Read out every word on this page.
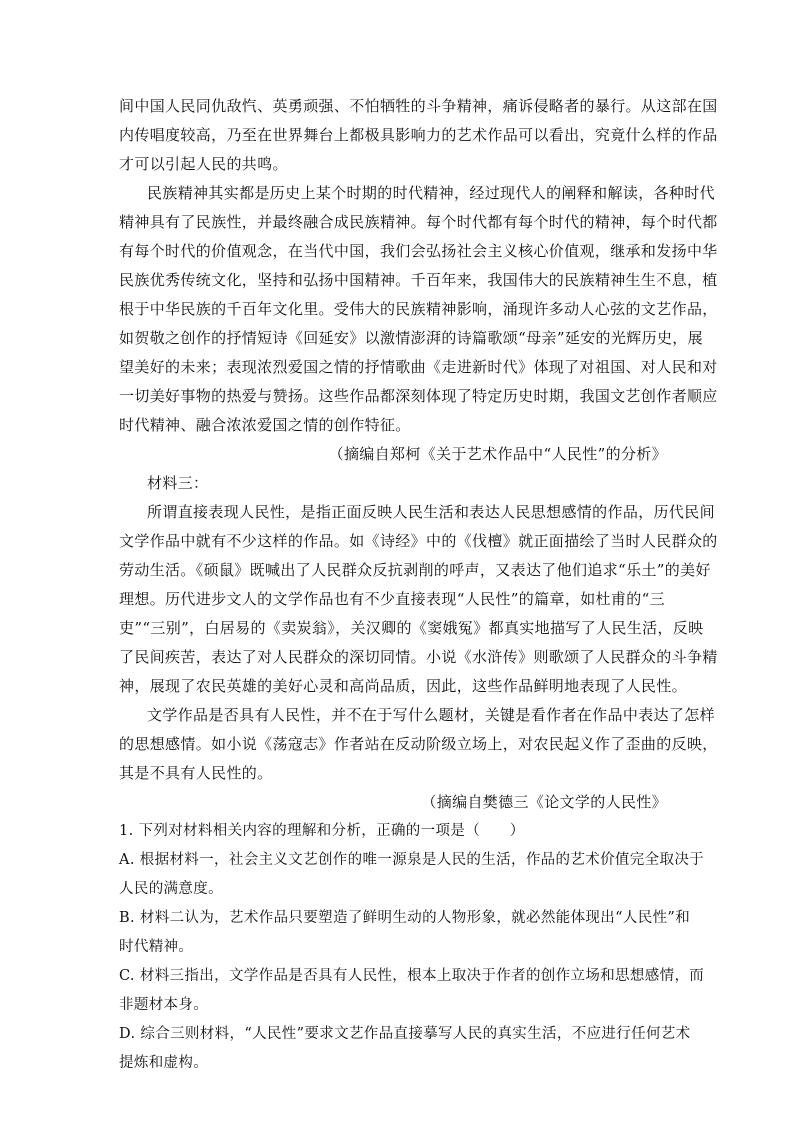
间中国人民同仇敌忾、英勇顽强、不怕牺牲的斗争精神，痛诉侵略者的暴行。从这部在国
内传唱度较高，乃至在世界舞台上都极具影响力的艺术作品可以看出，究竟什么样的作品
才可以引起人民的共鸣。
民族精神其实都是历史上某个时期的时代精神，经过现代人的阐释和解读，各种时代
精神具有了民族性，并最终融合成民族精神。每个时代都有每个时代的精神，每个时代都
有每个时代的价值观念，在当代中国，我们会弘扬社会主义核心价值观，继承和发扬中华
民族优秀传统文化，坚持和弘扬中国精神。千百年来，我国伟大的民族精神生生不息，植
根于中华民族的千百年文化里。受伟大的民族精神影响，涌现许多动人心弦的文艺作品，
如贺敬之创作的抒情短诗《回延安》以激情澎湃的诗篇歌颂“母亲”延安的光辉历史，展
望美好的未来；表现浓烈爱国之情的抒情歌曲《走进新时代》体现了对祖国、对人民和对
一切美好事物的热爱与赞扬。这些作品都深刻体现了特定历史时期，我国文艺创作者顺应
时代精神、融合浓浓爱国之情的创作特征。
（摘编自郑柯《关于艺术作品中“人民性”的分析》
材料三：
所谓直接表现人民性，是指正面反映人民生活和表达人民思想感情的作品，历代民间
文学作品中就有不少这样的作品。如《诗经》中的《伐檀》就正面描绘了当时人民群众的
劳动生活。《硕鼠》既喊出了人民群众反抗剥削的呼声，又表达了他们追求“乐土”的美好
理想。历代进步文人的文学作品也有不少直接表现“人民性”的篇章，如杜甫的“三
吏”“三别”，白居易的《卖炭翁》，关汉卿的《窦娥冤》都真实地描写了人民生活，反映
了民间疾苦，表达了对人民群众的深切同情。小说《水浒传》则歌颂了人民群众的斗争精
神，展现了农民英雄的美好心灵和高尚品质，因此，这些作品鲜明地表现了人民性。
文学作品是否具有人民性，并不在于写什么题材，关键是看作者在作品中表达了怎样
的思想感情。如小说《荡寇志》作者站在反动阶级立场上，对农民起义作了歪曲的反映，
其是不具有人民性的。
（摘编自樊德三《论文学的人民性》
1. 下列对材料相关内容的理解和分析，正确的一项是（　　）
A. 根据材料一，社会主义文艺创作的唯一源泉是人民的生活，作品的艺术价值完全取决于
人民的满意度。
B. 材料二认为，艺术作品只要塑造了鲜明生动的人物形象，就必然能体现出“人民性”和
时代精神。
C. 材料三指出，文学作品是否具有人民性，根本上取决于作者的创作立场和思想感情，而
非题材本身。
D. 综合三则材料，“人民性”要求文艺作品直接摹写人民的真实生活，不应进行任何艺术
提炼和虚构。
